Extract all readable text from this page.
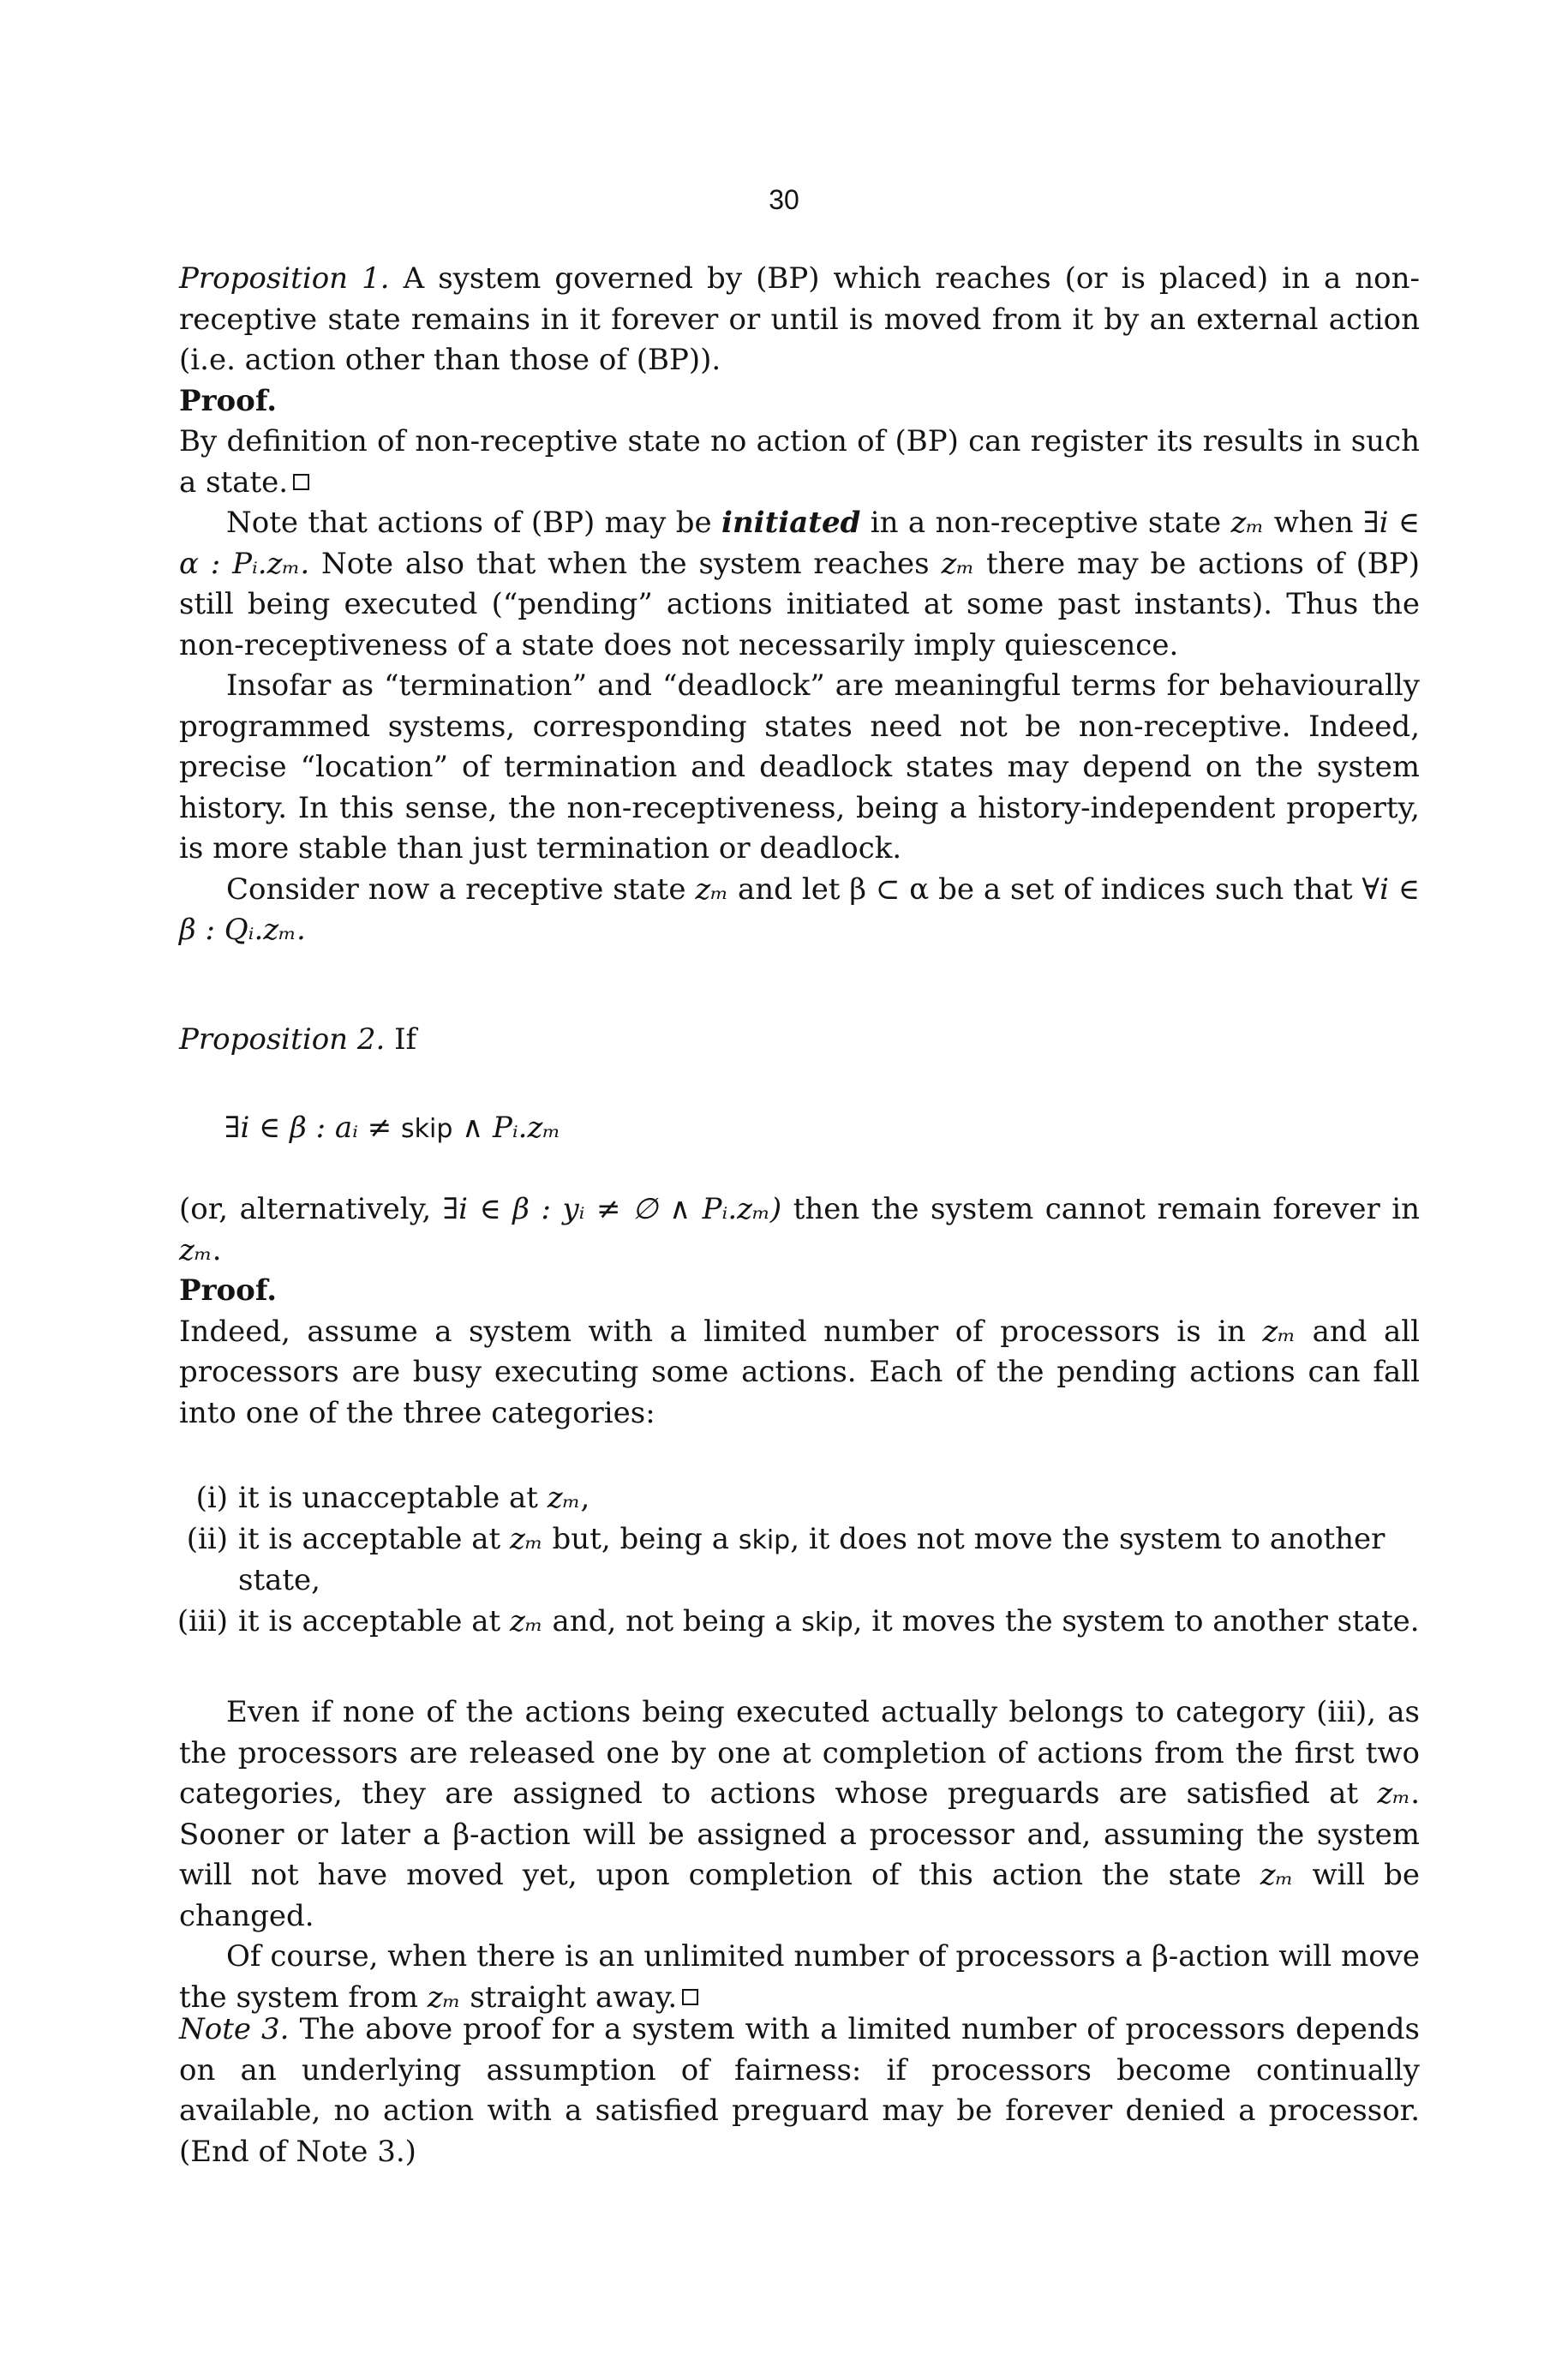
30
Proposition 1. A system governed by (BP) which reaches (or is placed) in a non-receptive state remains in it forever or until is moved from it by an external action (i.e. action other than those of (BP)).
Proof.
By definition of non-receptive state no action of (BP) can register its results in such a state.
Note that actions of (BP) may be initiated in a non-receptive state zₘ when ∃i ∈ α : Pᵢ.zₘ. Note also that when the system reaches zₘ there may be actions of (BP) still being executed (“pending” actions initiated at some past instants). Thus the non-receptiveness of a state does not necessarily imply quiescence.
Insofar as “termination” and “deadlock” are meaningful terms for behaviourally programmed systems, corresponding states need not be non-receptive. Indeed, precise “location” of termination and deadlock states may depend on the system history. In this sense, the non-receptiveness, being a history-independent property, is more stable than just termination or deadlock.
Consider now a receptive state zₘ and let β ⊂ α be a set of indices such that ∀i ∈ β : Qᵢ.zₘ.
Proposition 2. If
∃i ∈ β : aᵢ ≠ skip ∧ Pᵢ.zₘ
(or, alternatively, ∃i ∈ β : yᵢ ≠ ∅ ∧ Pᵢ.zₘ) then the system cannot remain forever in zₘ.
Proof.
Indeed, assume a system with a limited number of processors is in zₘ and all processors are busy executing some actions. Each of the pending actions can fall into one of the three categories:
(i) it is unacceptable at zₘ,
(ii) it is acceptable at zₘ but, being a skip, it does not move the system to another state,
(iii) it is acceptable at zₘ and, not being a skip, it moves the system to another state.
Even if none of the actions being executed actually belongs to category (iii), as the processors are released one by one at completion of actions from the first two categories, they are assigned to actions whose preguards are satisfied at zₘ. Sooner or later a β-action will be assigned a processor and, assuming the system will not have moved yet, upon completion of this action the state zₘ will be changed.
Of course, when there is an unlimited number of processors a β-action will move the system from zₘ straight away.
Note 3. The above proof for a system with a limited number of processors depends on an underlying assumption of fairness: if processors become continually available, no action with a satisfied preguard may be forever denied a processor. (End of Note 3.)
